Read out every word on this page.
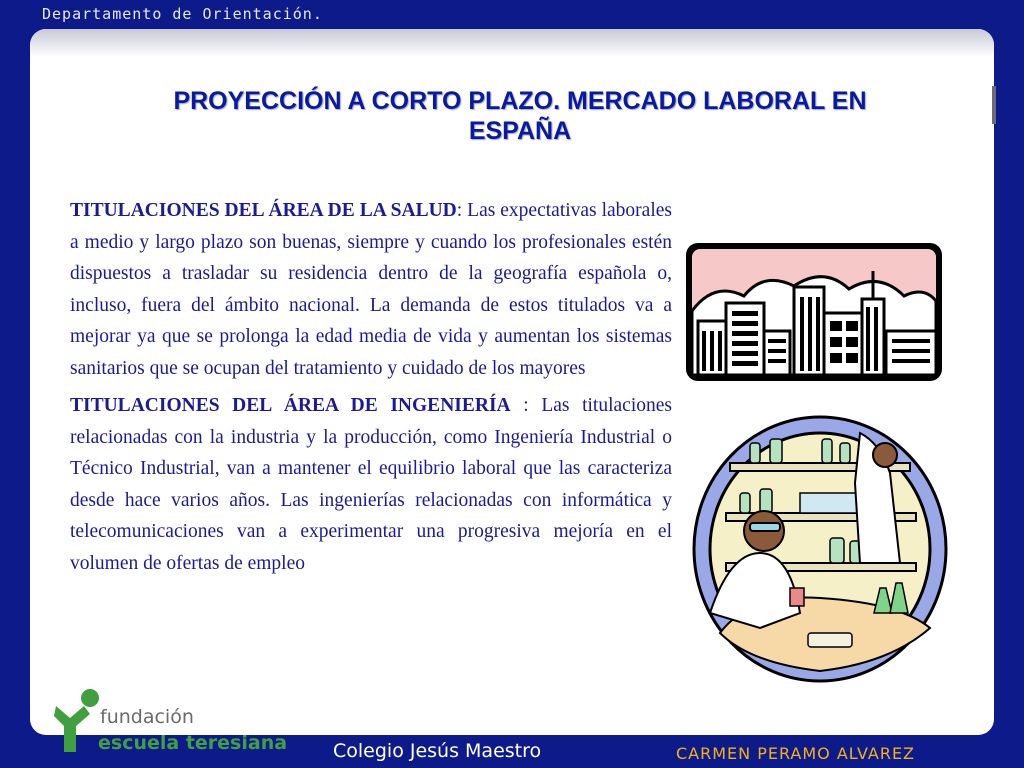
Departamento de Orientación.
PROYECCIÓN A CORTO PLAZO. MERCADO LABORAL EN
ESPAÑA

TITULACIONES DEL ÁREA DE LA SALUD: Las expectativas laborales a medio y largo plazo son buenas, siempre y cuando los profesionales estén dispuestos a trasladar su residencia dentro de la geografía española o, incluso, fuera del ámbito nacional. La demanda de estos titulados va a mejorar ya que se prolonga la edad media de vida y aumentan los sistemas sanitarios que se ocupan del tratamiento y cuidado de los mayores

TITULACIONES DEL ÁREA DE INGENIERÍA : Las titulaciones relacionadas con la industria y la producción, como Ingeniería Industrial o Técnico Industrial, van a mantener el equilibrio laboral que las caracteriza desde hace varios años. Las ingenierías relacionadas con informática y telecomunicaciones van a experimentar una progresiva mejoría en el volumen de ofertas de empleo

fundación
escuela teresiana Colegio Jesús Maestro	CARMEN PERAMO ALVAREZ
